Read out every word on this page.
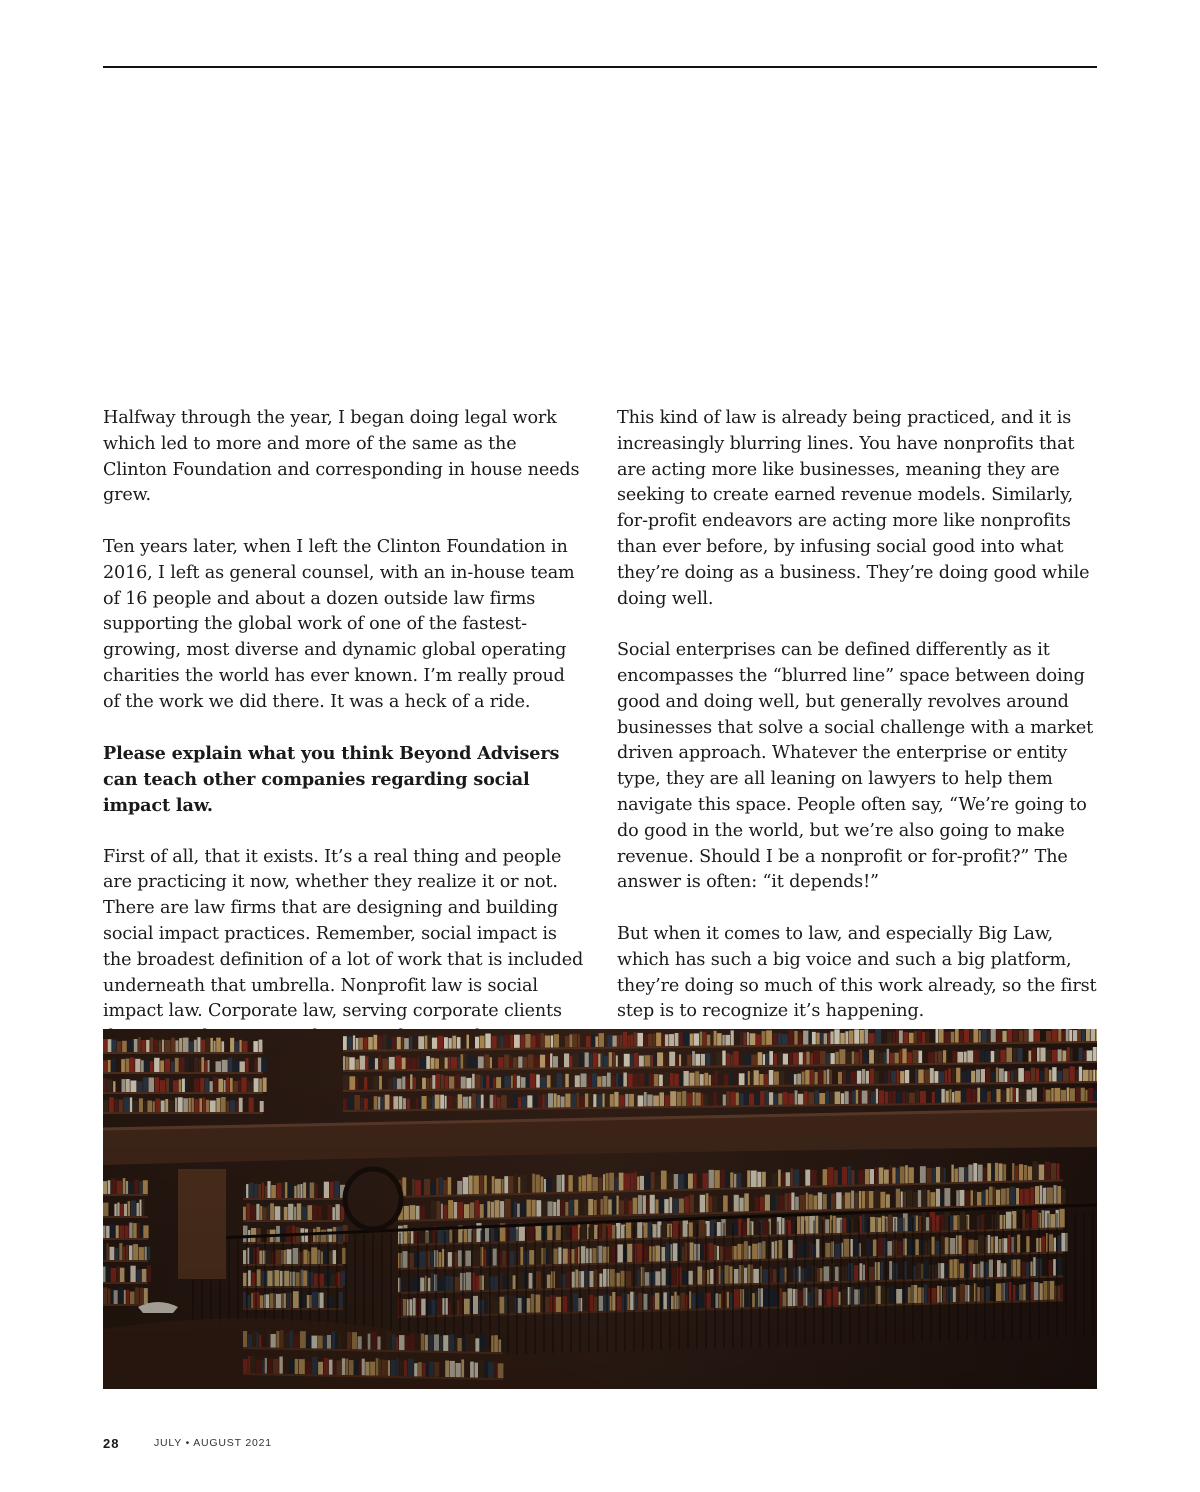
Halfway through the year, I began doing legal work which led to more and more of the same as the Clinton Foundation and corresponding in house needs grew.

Ten years later, when I left the Clinton Foundation in 2016, I left as general counsel, with an in-house team of 16 people and about a dozen outside law firms supporting the global work of one of the fastest-growing, most diverse and dynamic global operating charities the world has ever known. I’m really proud of the work we did there. It was a heck of a ride.

Please explain what you think Beyond Advisers can teach other companies regarding social impact law.

First of all, that it exists. It’s a real thing and people are practicing it now, whether they realize it or not. There are law firms that are designing and building social impact practices. Remember, social impact is the broadest definition of a lot of work that is included underneath that umbrella. Nonprofit law is social impact law. Corporate law, serving corporate clients

This kind of law is already being practiced, and it is increasingly blurring lines. You have nonprofits that are acting more like businesses, meaning they are seeking to create earned revenue models. Similarly, for-profit endeavors are acting more like nonprofits than ever before, by infusing social good into what they’re doing as a business. They’re doing good while doing well.

Social enterprises can be defined differently as it encompasses the “blurred line” space between doing good and doing well, but generally revolves around businesses that solve a social challenge with a market driven approach. Whatever the enterprise or entity type, they are all leaning on lawyers to help them navigate this space. People often say, “We’re going to do good in the world, but we’re also going to make revenue. Should I be a nonprofit or for-profit?” The answer is often: “it depends!”

But when it comes to law, and especially Big Law, which has such a big voice and such a big platform, they’re doing so much of this work already, so the first step is to recognize it’s happening.

28	JULY • AUGUST 2021
